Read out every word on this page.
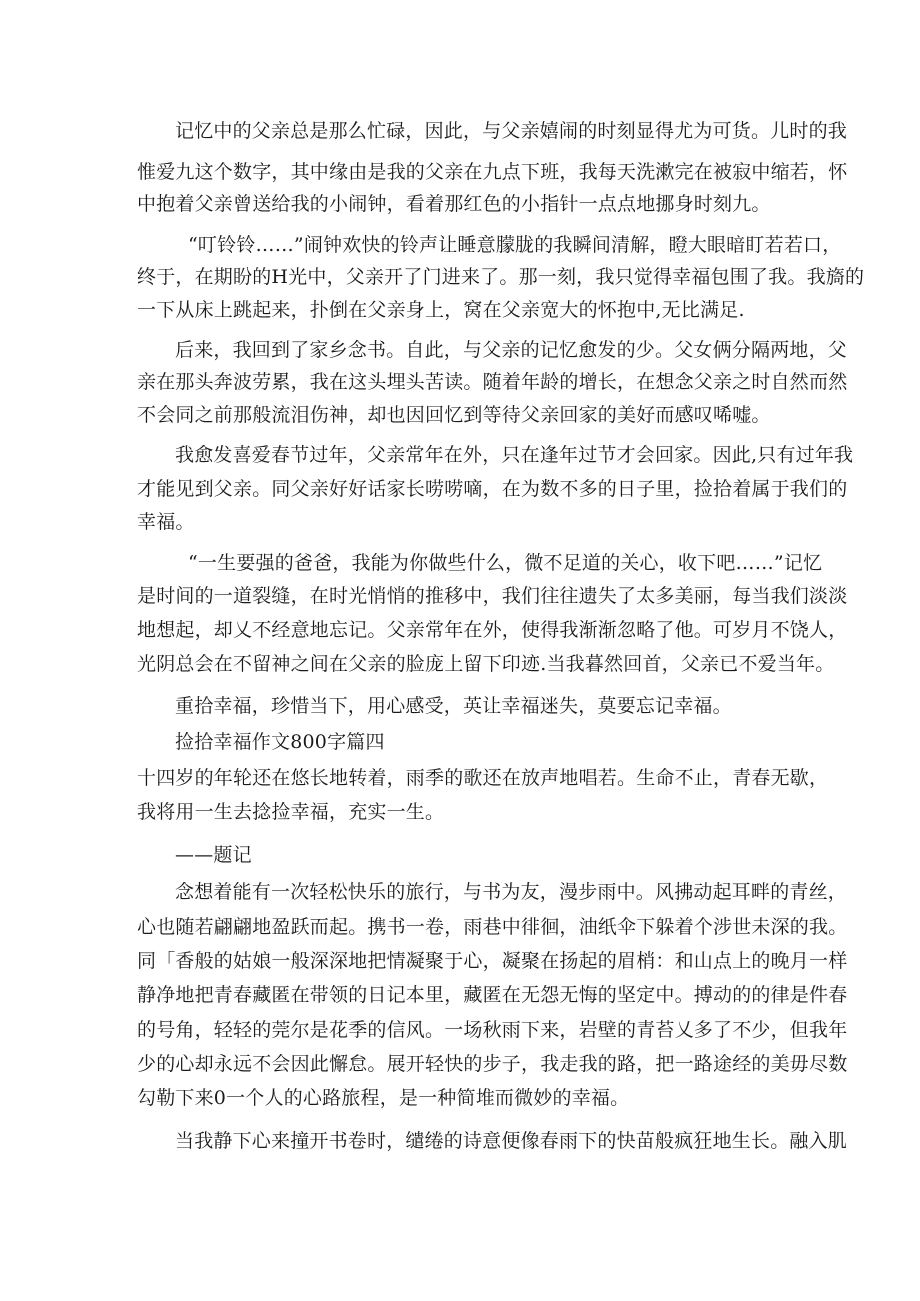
记忆中的父亲总是那么忙碌，因此，与父亲嬉闹的时刻显得尤为可货。儿时的我
惟爱九这个数字，其中缘由是我的父亲在九点下班，我每天洗漱完在被寂中缩若，怀
中抱着父亲曾送给我的小闹钟，看着那红色的小指针一点点地挪身时刻九。
“叮铃铃……”闹钟欢快的铃声让睡意朦胧的我瞬间清解，瞪大眼暗盯若若口，
终于，在期盼的H光中，父亲开了门进来了。那一刻，我只觉得幸福包围了我。我旖的
一下从床上跳起来，扑倒在父亲身上，窝在父亲宽大的怀抱中,无比满足.
后来，我回到了家乡念书。自此，与父亲的记忆愈发的少。父女俩分隔两地，父
亲在那头奔波劳累，我在这头埋头苦读。随着年龄的增长，在想念父亲之时自然而然
不会同之前那般流泪伤神，却也因回忆到等待父亲回家的美好而感叹唏嘘。
我愈发喜爱春节过年，父亲常年在外，只在逢年过节才会回家。因此,只有过年我
才能见到父亲。同父亲好好话家长唠唠嘀，在为数不多的日子里，捡拾着属于我们的
幸福。
“一生要强的爸爸，我能为你做些什么，微不足道的关心，收下吧……”记忆
是时间的一道裂缝，在时光悄悄的推移中，我们往往遗失了太多美丽，每当我们淡淡
地想起，却乂不经意地忘记。父亲常年在外，使得我渐渐忽略了他。可岁月不饶人，
光阴总会在不留神之间在父亲的脸庞上留下印迹.当我暮然回首，父亲已不爱当年。
重拾幸福，珍惜当下，用心感受，英让幸福迷失，莫要忘记幸福。
捡拾幸福作文800字篇四
十四岁的年轮还在悠长地转着，雨季的歌还在放声地唱若。生命不止，青春无歇，
我将用一生去捻捡幸福，充实一生。
——题记
念想着能有一次轻松快乐的旅行，与书为友，漫步雨中。风拂动起耳畔的青丝，
心也随若翩翩地盈跃而起。携书一卷，雨巷中徘徊，油纸伞下躲着个涉世未深的我。
同「香般的姑娘一般深深地把情凝聚于心，凝聚在扬起的眉梢：和山点上的晚月一样
静净地把青春藏匿在带领的日记本里，藏匿在无怨无悔的坚定中。搏动的的律是件春
的号角，轻轻的莞尔是花季的信风。一场秋雨下来，岩壁的青苔乂多了不少，但我年
少的心却永远不会因此懈怠。展开轻快的步子，我走我的路，把一路途经的美毋尽数
勾勒下来0一个人的心路旅程，是一种简堆而微妙的幸福。
当我静下心来撞开书卷时，缱绻的诗意便像春雨下的快苗般疯狂地生长。融入肌
